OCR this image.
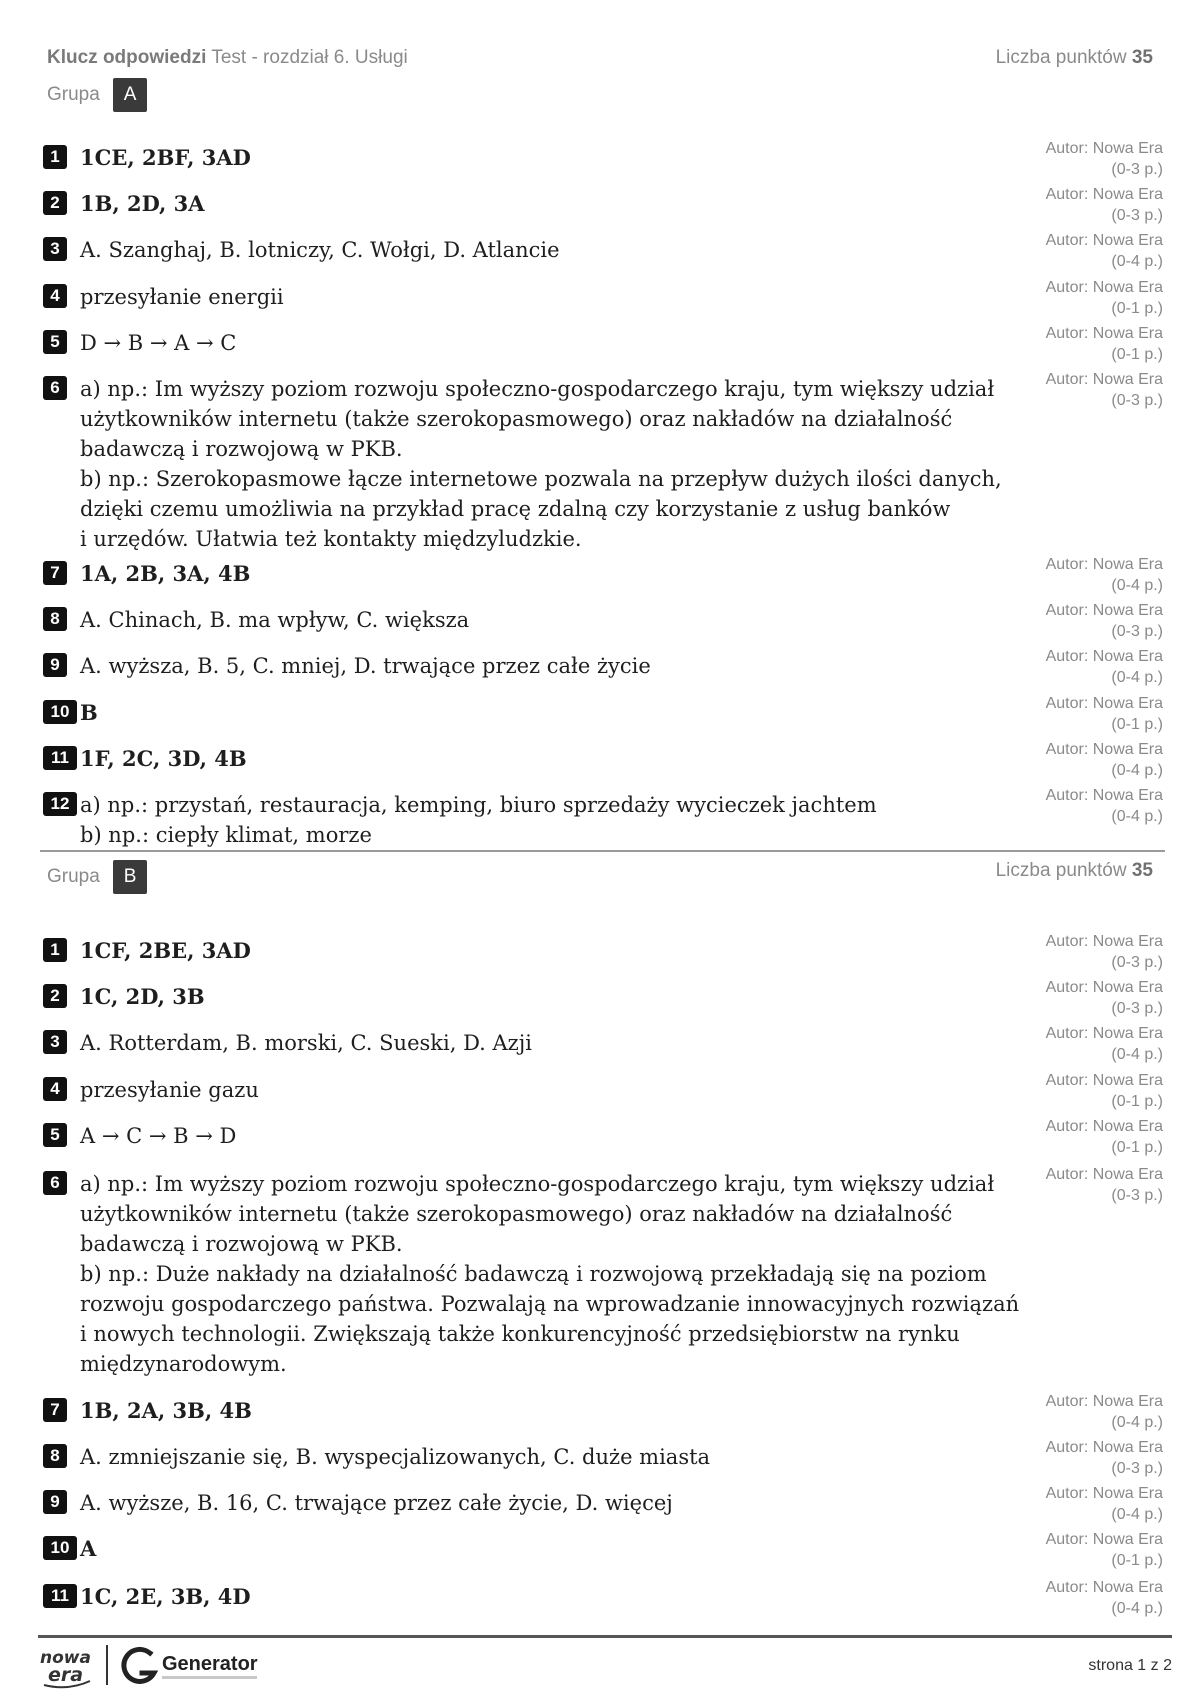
Klucz odpowiedzi Test - rozdział 6. Usługi	Liczba punktów 35
Grupa A
1 1CE, 2BF, 3AD	Autor: Nowa Era
(0-3 p.)
2 1B, 2D, 3A	Autor: Nowa Era
(0-3 p.)
3 A. Szanghaj, B. lotniczy, C. Wołgi, D. Atlancie	Autor: Nowa Era
(0-4 p.)
4 przesyłanie energii	Autor: Nowa Era
(0-1 p.)
5 D → B → A → C	Autor: Nowa Era
(0-1 p.)
6 a) np.: Im wyższy poziom rozwoju społeczno-gospodarczego kraju, tym większy udział
użytkowników internetu (także szerokopasmowego) oraz nakładów na działalność
badawczą i rozwojową w PKB.
b) np.: Szerokopasmowe łącze internetowe pozwala na przepływ dużych ilości danych,
dzięki czemu umożliwia na przykład pracę zdalną czy korzystanie z usług banków
i urzędów. Ułatwia też kontakty międzyludzkie.
Autor: Nowa Era
(0-3 p.)
7 1A, 2B, 3A, 4B	Autor: Nowa Era
(0-4 p.)
8 A. Chinach, B. ma wpływ, C. większa	Autor: Nowa Era
(0-3 p.)
9 A. wyższa, B. 5, C. mniej, D. trwające przez całe życie	Autor: Nowa Era
(0-4 p.)
10 B	Autor: Nowa Era
(0-1 p.)
11 1F, 2C, 3D, 4B	Autor: Nowa Era
(0-4 p.)
12 a) np.: przystań, restauracja, kemping, biuro sprzedaży wycieczek jachtem
b) np.: ciepły klimat, morze
Autor: Nowa Era
(0-4 p.)
Grupa B	Liczba punktów 35
1 1CF, 2BE, 3AD	Autor: Nowa Era
(0-3 p.)
2 1C, 2D, 3B	Autor: Nowa Era
(0-3 p.)
3 A. Rotterdam, B. morski, C. Sueski, D. Azji	Autor: Nowa Era
(0-4 p.)
4 przesyłanie gazu	Autor: Nowa Era
(0-1 p.)
5 A → C → B → D	Autor: Nowa Era
(0-1 p.)
6 a) np.: Im wyższy poziom rozwoju społeczno-gospodarczego kraju, tym większy udział
użytkowników internetu (także szerokopasmowego) oraz nakładów na działalność
badawczą i rozwojową w PKB.
b) np.: Duże nakłady na działalność badawczą i rozwojową przekładają się na poziom
rozwoju gospodarczego państwa. Pozwalają na wprowadzanie innowacyjnych rozwiązań
i nowych technologii. Zwiększają także konkurencyjność przedsiębiorstw na rynku
międzynarodowym.
Autor: Nowa Era
(0-3 p.)
7 1B, 2A, 3B, 4B	Autor: Nowa Era
(0-4 p.)
8 A. zmniejszanie się, B. wyspecjalizowanych, C. duże miasta	Autor: Nowa Era
(0-3 p.)
9 A. wyższe, B. 16, C. trwające przez całe życie, D. więcej	Autor: Nowa Era
(0-4 p.)
10 A	Autor: Nowa Era
(0-1 p.)
11 1C, 2E, 3B, 4D	Autor: Nowa Era
(0-4 p.)
nowa
era	Generator	strona 1 z 2
